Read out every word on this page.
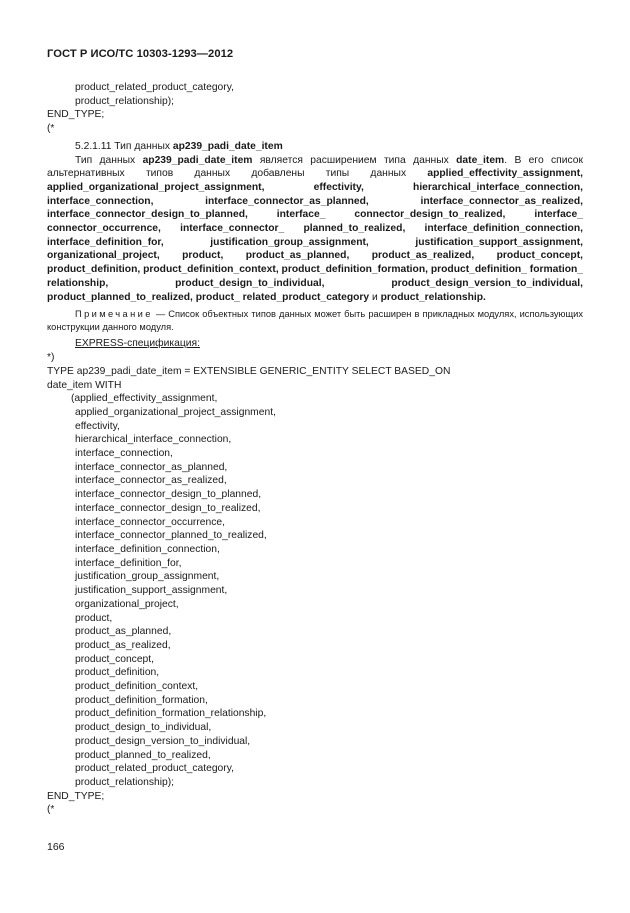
ГОСТ Р ИСО/ТС 10303-1293—2012
product_related_product_category,
product_relationship);
END_TYPE;
(*
5.2.1.11 Тип данных ap239_padi_date_item
Тип данных ap239_padi_date_item является расширением типа данных date_item. В его список альтернативных типов данных добавлены типы данных applied_effectivity_assignment, applied_organizational_project_assignment, effectivity, hierarchical_interface_connection, interface_connection, interface_connector_as_planned, interface_connector_as_realized, interface_connector_design_to_planned, interface_ connector_design_to_realized, interface_ connector_occurrence, interface_connector_ planned_to_realized, interface_definition_connection, interface_definition_for, justification_group_assignment, justification_support_assignment, organizational_project, product, product_as_planned, product_as_realized, product_concept, product_definition, product_definition_context, product_definition_formation, product_definition_ formation_ relationship, product_design_to_individual, product_design_version_to_individual, product_planned_to_realized, product_ related_product_category и product_relationship.
Примечание — Список объектных типов данных может быть расширен в прикладных модулях, использующих конструкции данного модуля.
EXPRESS-спецификация:
*)
TYPE ap239_padi_date_item = EXTENSIBLE GENERIC_ENTITY SELECT BASED_ON
date_item WITH
(applied_effectivity_assignment,
applied_organizational_project_assignment,
effectivity,
hierarchical_interface_connection,
interface_connection,
interface_connector_as_planned,
interface_connector_as_realized,
interface_connector_design_to_planned,
interface_connector_design_to_realized,
interface_connector_occurrence,
interface_connector_planned_to_realized,
interface_definition_connection,
interface_definition_for,
justification_group_assignment,
justification_support_assignment,
organizational_project,
product,
product_as_planned,
product_as_realized,
product_concept,
product_definition,
product_definition_context,
product_definition_formation,
product_definition_formation_relationship,
product_design_to_individual,
product_design_version_to_individual,
product_planned_to_realized,
product_related_product_category,
product_relationship);
END_TYPE;
(*
166
